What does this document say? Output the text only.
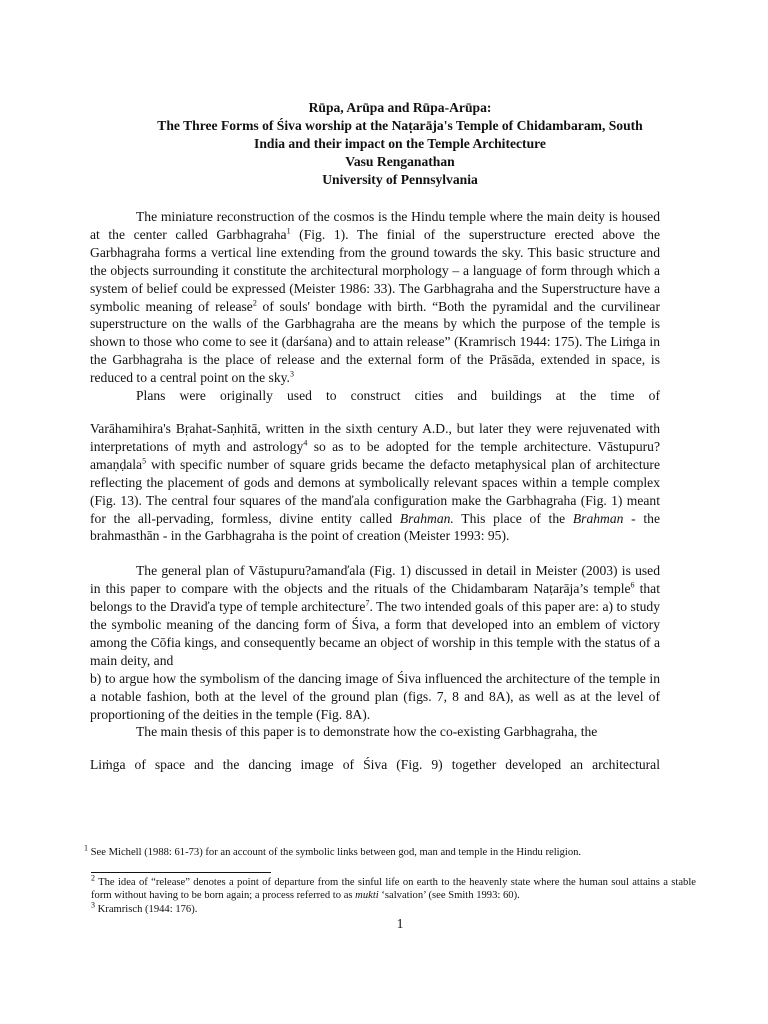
Rūpa, Arūpa and Rūpa-Arūpa:
The Three Forms of Śiva worship at the Naṭarāja's Temple of Chidambaram, South
India and their impact on the Temple Architecture
Vasu Renganathan
University of Pennsylvania

The miniature reconstruction of the cosmos is the Hindu temple where the main deity is housed at the center called Garbhagraha$^1$ (Fig. 1). The finial of the superstructure erected above the Garbhagraha forms a vertical line extending from the ground towards the sky. This basic structure and the objects surrounding it constitute the architectural morphology – a language of form through which a system of belief could be expressed (Meister 1986: 33). The Garbhagraha and the Superstructure have a symbolic meaning of release$^2$ of souls' bondage with birth. “Both the pyramidal and the curvilinear superstructure on the walls of the Garbhagraha are the means by which the purpose of the temple is shown to those who come to see it (darśana) and to attain release” (Kramrisch 1944: 175). The Liṁga in the Garbhagraha is the place of release and the external form of the Prāsāda, extended in space, is reduced to a central point on the sky.$^3$

Plans were originally used to construct cities and buildings at the time of

Varāhamihira's Bṛahat-Saṇhitā, written in the sixth century A.D., but later they were rejuvenated with interpretations of myth and astrology$^4$ so as to be adopted for the temple architecture. Vāstupuru?amaṇḍala$^5$ with specific number of square grids became the defacto metaphysical plan of architecture reflecting the placement of gods and demons at symbolically relevant spaces within a temple complex (Fig. 13). The central four squares of the manďala configuration make the Garbhagraha (Fig. 1) meant for the all-pervading, formless, divine entity called Brahman. This place of the Brahman - the brahmasthān - in the Garbhagraha is the point of creation (Meister 1993: 95).

The general plan of Vāstupuru?amanďala (Fig. 1) discussed in detail in Meister (2003) is used in this paper to compare with the objects and the rituals of the Chidambaram Naṭarāja’s temple$^6$ that belongs to the Draviďa type of temple architecture$^7$. The two intended goals of this paper are: a) to study the symbolic meaning of the dancing form of Śiva, a form that developed into an emblem of victory among the Cōfia kings, and consequently became an object of worship in this temple with the status of a main deity, and

b) to argue how the symbolism of the dancing image of Śiva influenced the architecture of the temple in a notable fashion, both at the level of the ground plan (figs. 7, 8 and 8A), as well as at the level of proportioning of the deities in the temple (Fig. 8A).

The main thesis of this paper is to demonstrate how the co-existing Garbhagraha, the

Liṁga of space and the dancing image of Śiva (Fig. 9) together developed an architectural

$^1$ See Michell (1988: 61-73) for an account of the symbolic links between god, man and temple in the Hindu religion.

$^2$ The idea of “release” denotes a point of departure from the sinful life on earth to the heavenly state where the human soul attains a stable form without having to be born again; a process referred to as mukti ‘salvation’ (see Smith 1993: 60).

$^3$ Kramrisch (1944: 176).

1
